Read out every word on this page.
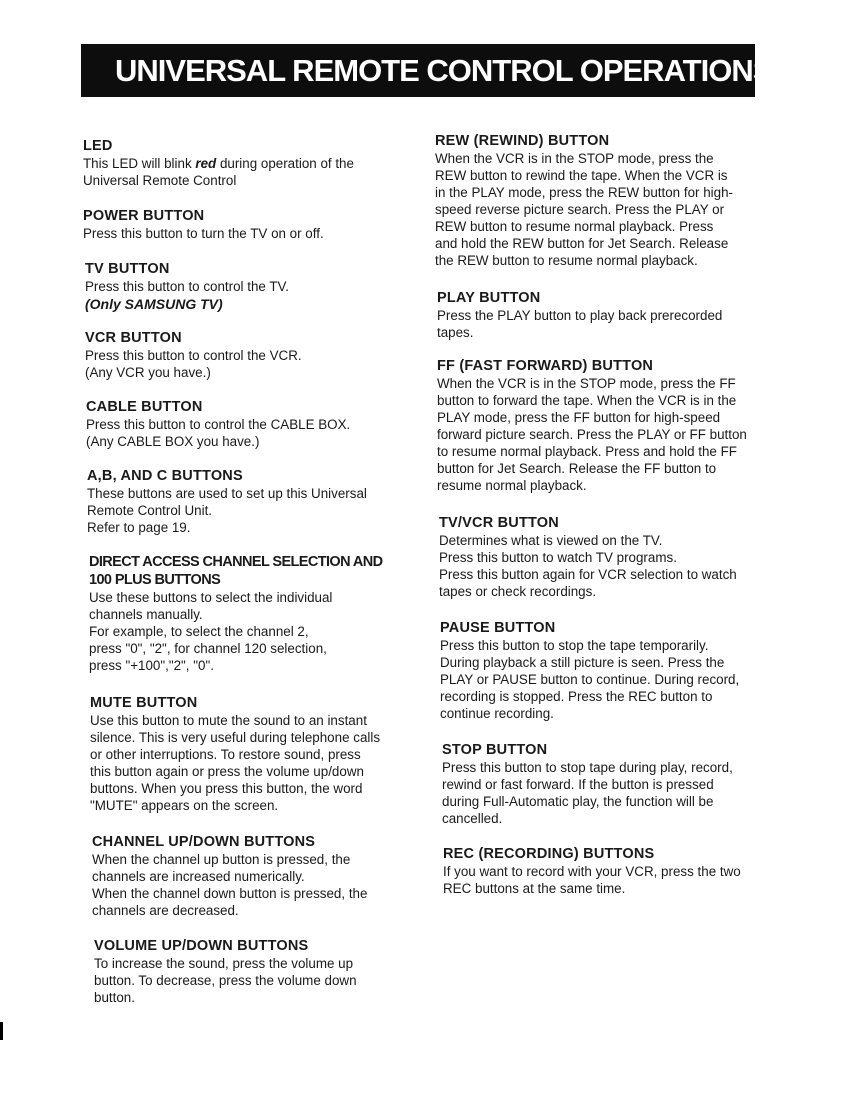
UNIVERSAL REMOTE CONTROL OPERATIONS
LED
This LED will blink red during operation of the
Universal Remote Control
POWER BUTTON
Press this button to turn the TV on or off.
TV BUTTON
Press this button to control the TV.
(Only SAMSUNG TV)
VCR BUTTON
Press this button to control the VCR.
(Any VCR you have.)
CABLE BUTTON
Press this button to control the CABLE BOX.
(Any CABLE BOX you have.)
A,B, AND C BUTTONS
These buttons are used to set up this Universal
Remote Control Unit.
Refer to page 19.
DIRECT ACCESS CHANNEL SELECTION AND
100 PLUS BUTTONS
Use these buttons to select the individual
channels manually.
For example, to select the channel 2,
press "0", "2", for channel 120 selection,
press "+100","2", "0".
MUTE BUTTON
Use this button to mute the sound to an instant
silence. This is very useful during telephone calls
or other interruptions. To restore sound, press
this button again or press the volume up/down
buttons. When you press this button, the word
"MUTE" appears on the screen.
CHANNEL UP/DOWN BUTTONS
When the channel up button is pressed, the
channels are increased numerically.
When the channel down button is pressed, the
channels are decreased.
VOLUME UP/DOWN BUTTONS
To increase the sound, press the volume up
button. To decrease, press the volume down
button.
REW (REWIND) BUTTON
When the VCR is in the STOP mode, press the
REW button to rewind the tape. When the VCR is
in the PLAY mode, press the REW button for high-
speed reverse picture search. Press the PLAY or
REW button to resume normal playback. Press
and hold the REW button for Jet Search. Release
the REW button to resume normal playback.
PLAY BUTTON
Press the PLAY button to play back prerecorded
tapes.
FF (FAST FORWARD) BUTTON
When the VCR is in the STOP mode, press the FF
button to forward the tape. When the VCR is in the
PLAY mode, press the FF button for high-speed
forward picture search. Press the PLAY or FF button
to resume normal playback. Press and hold the FF
button for Jet Search. Release the FF button to
resume normal playback.
TV/VCR BUTTON
Determines what is viewed on the TV.
Press this button to watch TV programs.
Press this button again for VCR selection to watch
tapes or check recordings.
PAUSE BUTTON
Press this button to stop the tape temporarily.
During playback a still picture is seen. Press the
PLAY or PAUSE button to continue. During record,
recording is stopped. Press the REC button to
continue recording.
STOP BUTTON
Press this button to stop tape during play, record,
rewind or fast forward. If the button is pressed
during Full-Automatic play, the function will be
cancelled.
REC (RECORDING) BUTTONS
If you want to record with your VCR, press the two
REC buttons at the same time.
